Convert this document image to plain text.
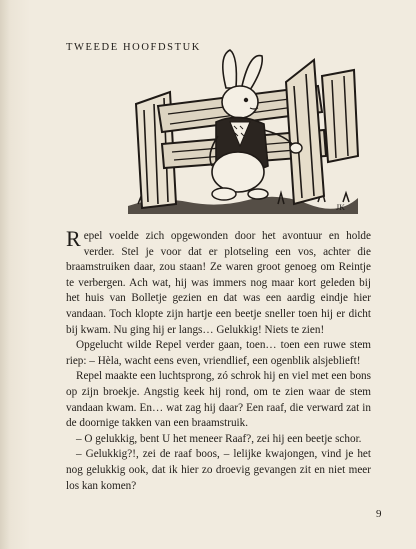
TWEEDE HOOFDSTUK
JK

Repel voelde zich opgewonden door het avontuur en holde verder. Stel je voor dat er plotseling een vos, achter die braamstruiken daar, zou staan! Ze waren groot genoeg om Reintje te verbergen. Ach wat, hij was immers nog maar kort geleden bij het huis van Bolletje gezien en dat was een aardig eindje hier vandaan. Toch klopte zijn hartje een beetje sneller toen hij er dicht bij kwam. Nu ging hij er langs… Gelukkig! Niets te zien!

Opgelucht wilde Repel verder gaan, toen… toen een ruwe stem riep: – Hèla, wacht eens even, vriendlief, een ogenblik alsjeblieft!

Repel maakte een luchtsprong, zó schrok hij en viel met een bons op zijn broekje. Angstig keek hij rond, om te zien waar de stem vandaan kwam. En… wat zag hij daar? Een raaf, die verward zat in de doornige takken van een braamstruik.

– O gelukkig, bent U het meneer Raaf?, zei hij een beetje schor.

– Gelukkig?!, zei de raaf boos, – lelijke kwajongen, vind je het nog gelukkig ook, dat ik hier zo droevig gevangen zit en niet meer los kan komen?

9
